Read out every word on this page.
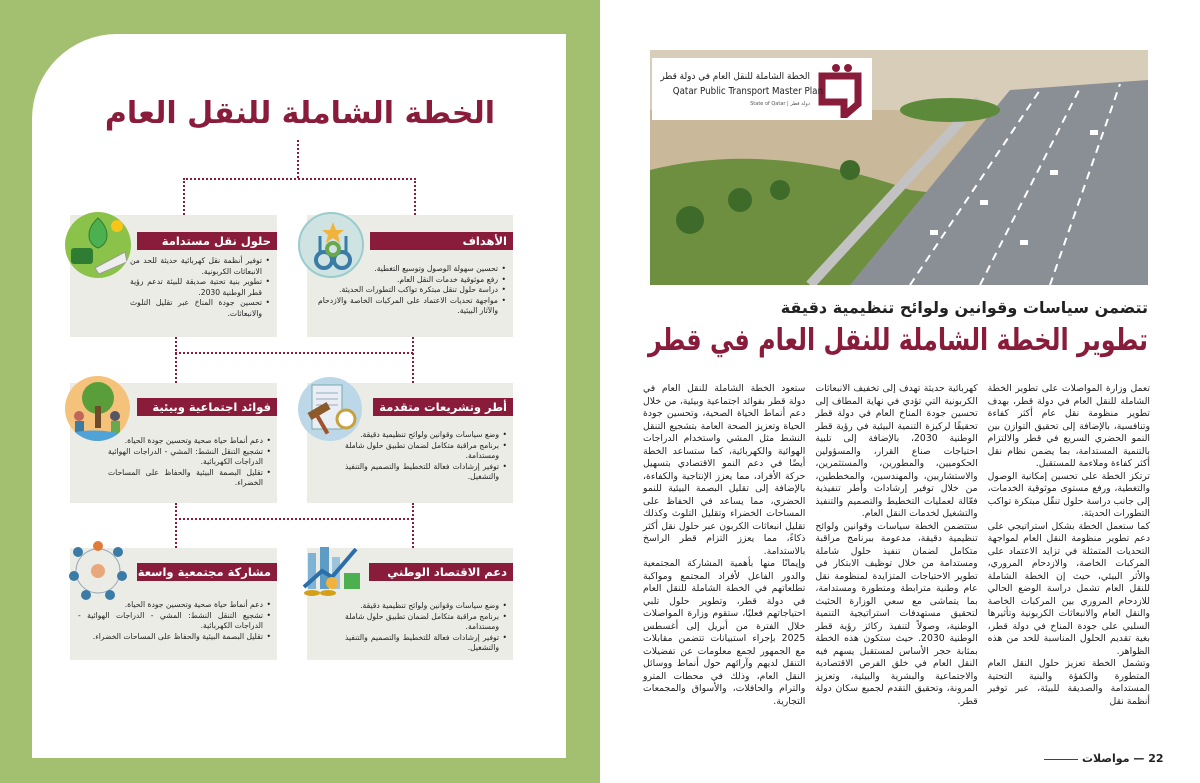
الخطة الشاملة للنقل العام
الأهداف
• تحسين سهولة الوصول وتوسيع التغطية.
• رفع موثوقية خدمات النقل العام.
• دراسة حلول تنقل مبتكرة تواكب التطورات الحديثة.
• مواجهة تحديات الاعتماد على المركبات الخاصة والازدحام والآثار البيئية.
حلول نقل مستدامة
• توفير أنظمة نقل كهربائية حديثة للحد من الانبعاثات الكربونية.
• تطوير بنية تحتية صديقة للبيئة تدعم رؤية قطر الوطنية 2030.
• تحسين جودة المناخ عبر تقليل التلوث والانبعاثات.
أطر وتشريعات متقدمة
• وضع سياسات وقوانين ولوائح تنظيمية دقيقة.
• برنامج مراقبة متكامل لضمان تطبيق حلول شاملة ومستدامة.
• توفير إرشادات فعالة للتخطيط والتصميم والتنفيذ والتشغيل.
فوائد اجتماعية وبيئية
• دعم أنماط حياة صحية وتحسين جودة الحياة.
• تشجيع التنقل النشط: المشي - الدراجات الهوائية الدراجات الكهربائية.
• تقليل البصمة البيئية والحفاظ على المساحات الخضراء.
دعم الاقتصاد الوطني
• وضع سياسات وقوانين ولوائح تنظيمية دقيقة.
• برنامج مراقبة متكامل لضمان تطبيق حلول شاملة ومستدامة.
• توفير إرشادات فعالة للتخطيط والتصميم والتنفيذ والتشغيل.
مشاركة مجتمعية واسعة
• دعم أنماط حياة صحية وتحسين جودة الحياة.
• تشجيع التنقل النشط: المشي - الدراجات الهوائية - الدراجات الكهربائية.
• تقليل البصمة البيئية والحفاظ على المساحات الخضراء.
الخطة الشاملة للنقل العام في دولة قطر
Qatar Public Transport Master Plan
State of Qatar | دولة قطر
تتضمن سياسات وقوانين ولوائح تنظيمية دقيقة
تطوير الخطة الشاملة للنقل العام في قطر

تعمل وزارة المواصلات على تطوير الخطة الشاملة للنقل العام في دولة قطر، بهدف تطوير منظومة نقل عام أكثر كفاءة وتنافسية، بالإضافة إلى تحقيق التوازن بين النمو الحضري السريع في قطر والالتزام بالتنمية المستدامة، بما يضمن نظام نقل أكثر كفاءة وملاءمة للمستقبل.

ترتكز الخطة على تحسين إمكانية الوصول والتغطية، ورفع مستوى موثوقية الخدمات، إلى جانب دراسة حلول تنقّل مبتكرة تواكب التطورات الحديثة.

كما ستعمل الخطة بشكل استراتيجي على دعم تطوير منظومة النقل العام لمواجهة التحديات المتمثلة في تزايد الاعتماد على المركبات الخاصة، والازدحام المروري، والأثر البيئي، حيث إن الخطة الشاملة للنقل العام تشمل دراسة الوضع الحالي للازدحام المروري بين المركبات الخاصة والنقل العام والانبعاثات الكربونية وتأثيرها السلبي على جودة المناخ في دولة قطر، بغية تقديم الحلول المناسبة للحد من هذه الظواهر.

وتشمل الخطة تعزيز حلول النقل العام المتطورة والكفؤة والبنية التحتية المستدامة والصديقة للبيئة، عبر توفير أنظمة نقل

كهربائية حديثة تهدف إلى تخفيف الانبعاثات الكربونية التي تؤدي في نهاية المطاف إلى تحسين جودة المناخ العام في دولة قطر تحقيقًا لركيزة التنمية البيئية في رؤية قطر الوطنية 2030، بالإضافة إلى تلبية احتياجات صناع القرار، والمسؤولين الحكوميين، والمطورين، والمستثمرين، والاستشاريين، والمهندسين، والمخططين، من خلال توفير إرشادات وأطر تنفيذية فعّالة لعمليات التخطيط والتصميم والتنفيذ والتشغيل لخدمات النقل العام.

ستتضمن الخطة سياسات وقوانين ولوائح تنظيمية دقيقة، مدعومة ببرنامج مراقبة متكامل لضمان تنفيذ حلول شاملة ومستدامة من خلال توظيف الابتكار في تطوير الاحتياجات المتزايدة لمنظومة نقل عام وطنية مترابطة ومتطورة ومستدامة، بما يتماشى مع سعي الوزارة الحثيث لتحقيق مستهدفات استراتيجية التنمية الوطنية، وصولاً لتنفيذ ركائز رؤية قطر الوطنية 2030. حيث ستكون هذه الخطة بمثابة حجر الأساس لمستقبل يسهم فيه النقل العام في خلق الفرص الاقتصادية والاجتماعية والبشرية والبيئية، وتعزيز المرونة، وتحقيق التقدم لجميع سكان دولة قطر.

ستعود الخطة الشاملة للنقل العام في دولة قطر بفوائد اجتماعية وبيئية، من خلال دعم أنماط الحياة الصحية، وتحسين جودة الحياة وتعزيز الصحة العامة بتشجيع التنقل النشط مثل المشي واستخدام الدراجات الهوائية والكهربائية، كما ستساعد الخطة أيضًا في دعم النمو الاقتصادي بتسهيل حركة الأفراد، مما يعزز الإنتاجية والكفاءة، بالإضافة إلى تقليل البصمة البيئية للنمو الحضري، مما يساعد في الحفاظ على المساحات الخضراء وتقليل التلوث وكذلك تقليل انبعاثات الكربون عبر حلول نقل أكثر ذكاءً، مما يعزز التزام قطر الراسخ بالاستدامة.

وإيمانًا منها بأهمية المشاركة المجتمعية والدور الفاعل لأفراد المجتمع ومواكبة تطلعاتهم في الخطة الشاملة للنقل العام في دولة قطر، وتطوير حلول تلبي احتياجاتهم فعليًا، ستقوم وزارة المواصلات خلال الفترة من أبريل إلى أغسطس 2025 بإجراء استبيانات تتضمن مقابلات مع الجمهور لجمع معلومات عن تفضيلات التنقل لديهم وآرائهم حول أنماط ووسائل النقل العام، وذلك في محطات المترو والترام والحافلات، والأسواق والمجمعات التجارية.

22 — مواصلات
